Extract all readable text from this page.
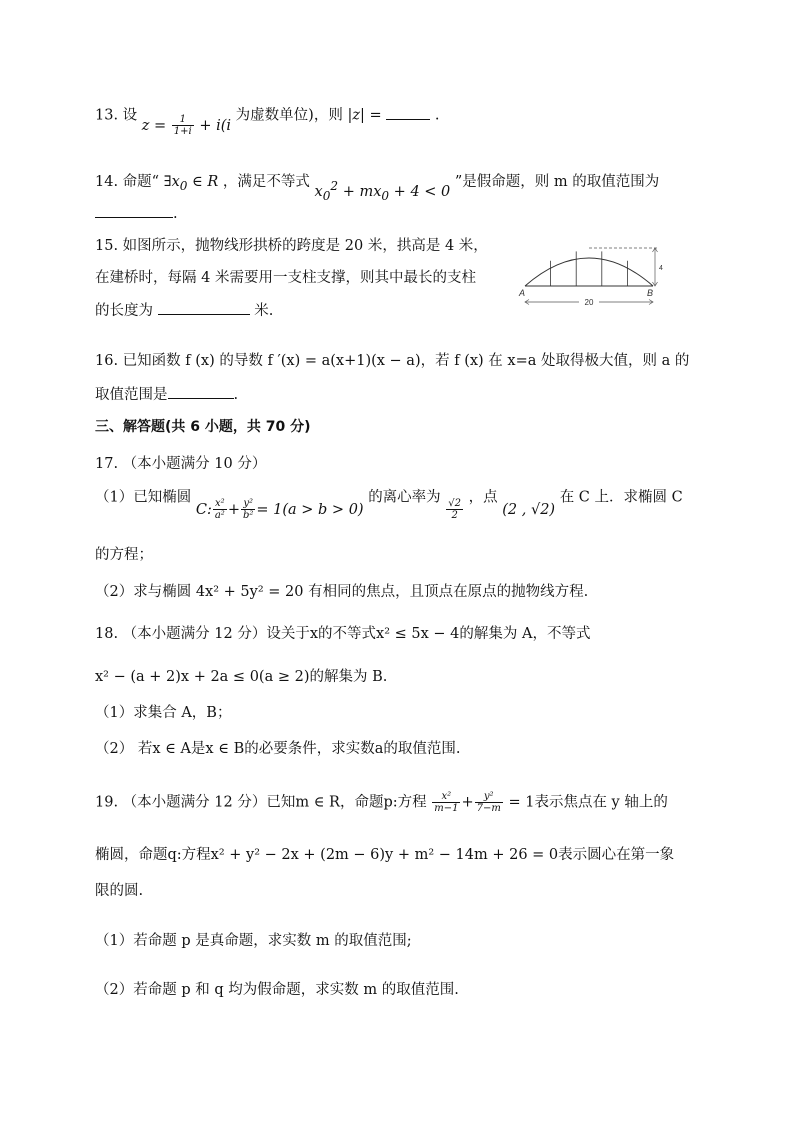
13. 设 $z = \frac{1}{1+i} + i(i$ 为虚数单位)，则 |z| =	.
14. 命题“ $\exists x_0$ ∈ R ，满足不等式 $x_0^2 + mx_0 + 4 < 0$ ”是假命题，则 m 的取值范围为
.
15. 如图所示，抛物线形拱桥的跨度是 20 米，拱高是 4 米，
在建桥时，每隔 4 米需要用一支柱支撑，则其中最长的支柱
的长度为	米.
4
20
A	B
16. 已知函数 f (x) 的导数 f ′(x) = a(x+1)(x − a)，若 f (x) 在 x=a 处取得极大值，则 a 的
取值范围是	.
三、解答题(共 6 小题，共 70 分)
17. （本小题满分 10 分）
（1）已知椭圆 C: $\frac{\text{x²}}{\text{a²}} + \frac{\text{y²}}{\text{b²}} = 1(a > b > 0)$ 的离心率为
$\frac{√2}{2}$
，点 (2 , √2) 在 C 上．求椭圆 C
的方程；
（2）求与椭圆 4x² + 5y² = 20 有相同的焦点，且顶点在原点的抛物线方程.
18. （本小题满分 12 分）设关于x的不等式x² ≤ 5x − 4的解集为 A，不等式
x² − (a + 2)x + 2a ≤ 0(a ≥ 2)的解集为 B.
（1）求集合 A，B；
（2） 若x ∈ A是x ∈ B的必要条件，求实数a的取值范围.
19. （本小题满分 12 分）已知m ∈ R，命题p:方程 $\frac{\text{x²}}{m-1} + \frac{\text{y²}}{7-m} = 1$表示焦点在 y 轴上的
椭圆，命题q:方程x² + y² − 2x + (2m − 6)y + m² − 14m + 26 = 0表示圆心在第一象
限的圆.
（1）若命题 p 是真命题，求实数 m 的取值范围;
（2）若命题 p 和 q 均为假命题，求实数 m 的取值范围.
